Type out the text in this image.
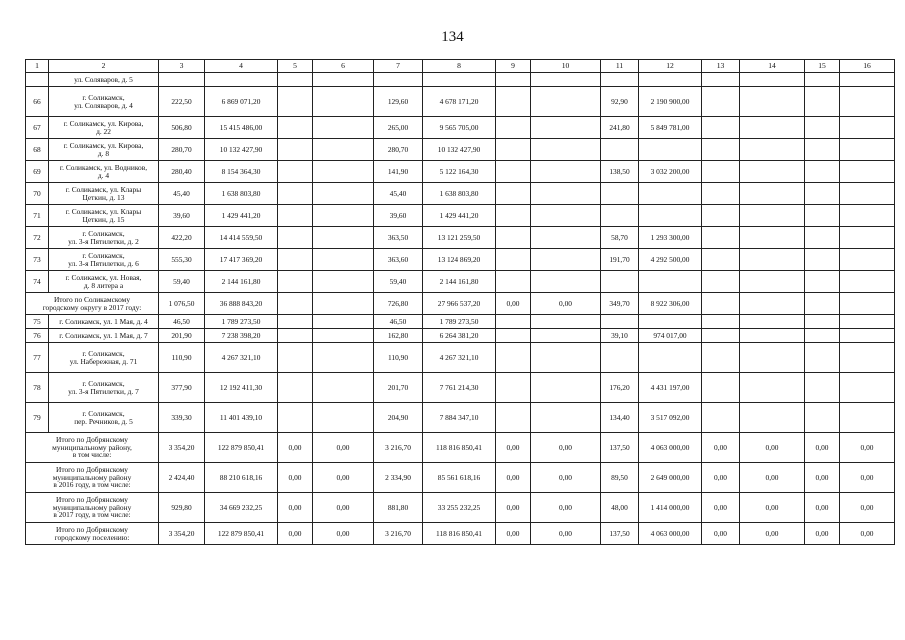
134
1	2	3	4	5	6	7	8	9	10	11	12	13	14	15	16
	ул. Соляваров, д. 5														
66	г. Соликамск,
ул. Соляваров, д. 4	222,50	6 869 071,20			129,60	4 678 171,20			92,90	2 190 900,00				
67	г. Соликамск, ул. Кирова,
д. 22	506,80	15 415 486,00			265,00	9 565 705,00			241,80	5 849 781,00				
68	г. Соликамск, ул. Кирова,
д. 8	280,70	10 132 427,90			280,70	10 132 427,90								
69	г. Соликамск, ул. Водников,
д. 4	280,40	8 154 364,30			141,90	5 122 164,30			138,50	3 032 200,00				
70	г. Соликамск, ул. Клары
Цеткин, д. 13	45,40	1 638 803,80			45,40	1 638 803,80								
71	г. Соликамск, ул. Клары
Цеткин, д. 15	39,60	1 429 441,20			39,60	1 429 441,20								
72	г. Соликамск,
ул. 3-я Пятилетки, д. 2	422,20	14 414 559,50			363,50	13 121 259,50			58,70	1 293 300,00				
73	г. Соликамск,
ул. 3-я Пятилетки, д. 6	555,30	17 417 369,20			363,60	13 124 869,20			191,70	4 292 500,00				
74	г. Соликамск, ул. Новая,
д. 8 литера а	59,40	2 144 161,80			59,40	2 144 161,80								
Итого по Соликамскому
городскому округу в 2017 году:		1 076,50	36 888 843,20			726,80	27 966 537,20	0,00	0,00	349,70	8 922 306,00				
75	г. Соликамск, ул. 1 Мая, д. 4	46,50	1 789 273,50			46,50	1 789 273,50								
76	г. Соликамск, ул. 1 Мая, д. 7	201,90	7 238 398,20			162,80	6 264 381,20			39,10	974 017,00				
77	г. Соликамск,
ул. Набережная, д. 71	110,90	4 267 321,10			110,90	4 267 321,10								
78	г. Соликамск,
ул. 3-я Пятилетки, д. 7	377,90	12 192 411,30			201,70	7 761 214,30			176,20	4 431 197,00				
79	г. Соликамск,
пер. Речников, д. 5	339,30	11 401 439,10			204,90	7 884 347,10			134,40	3 517 092,00				
Итого по Добрянскому
муниципальному району,
в том числе:		3 354,20	122 879 850,41	0,00	0,00	3 216,70	118 816 850,41	0,00	0,00	137,50	4 063 000,00	0,00	0,00	0,00	0,00
Итого по Добрянскому
муниципальному району
в 2016 году, в том числе:		2 424,40	88 210 618,16	0,00	0,00	2 334,90	85 561 618,16	0,00	0,00	89,50	2 649 000,00	0,00	0,00	0,00	0,00
Итого по Добрянскому
муниципальному району
в 2017 году, в том числе:		929,80	34 669 232,25	0,00	0,00	881,80	33 255 232,25	0,00	0,00	48,00	1 414 000,00	0,00	0,00	0,00	0,00
Итого по Добрянскому
городскому поселению:		3 354,20	122 879 850,41	0,00	0,00	3 216,70	118 816 850,41	0,00	0,00	137,50	4 063 000,00	0,00	0,00	0,00	0,00
